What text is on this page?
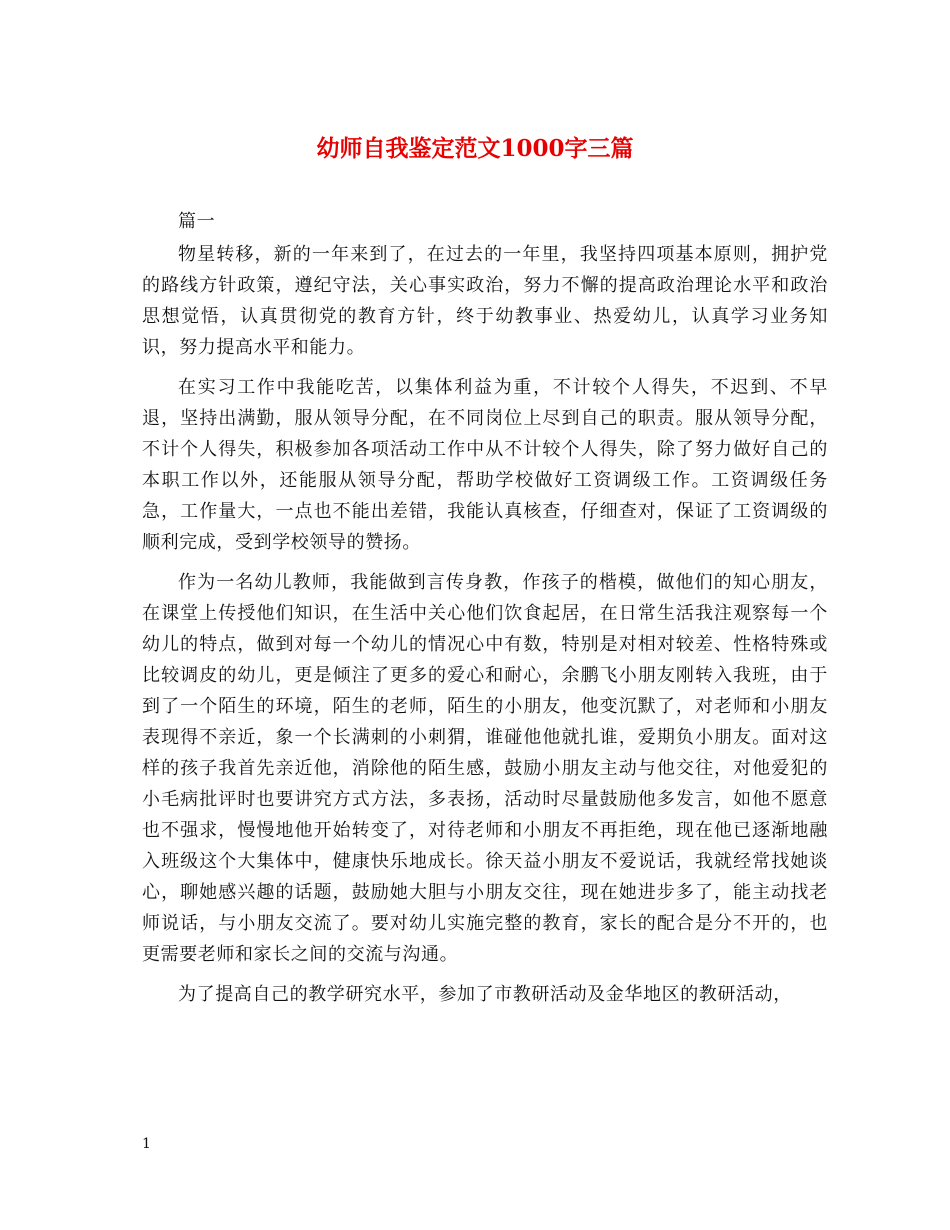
幼师自我鉴定范文1000字三篇

篇一

物星转移，新的一年来到了，在过去的一年里，我坚持四项基本原则，拥护党的路线方针政策，遵纪守法，关心事实政治，努力不懈的提高政治理论水平和政治思想觉悟，认真贯彻党的教育方针，终于幼教事业、热爱幼儿，认真学习业务知识，努力提高水平和能力。

在实习工作中我能吃苦，以集体利益为重，不计较个人得失，不迟到、不早退，坚持出满勤，服从领导分配，在不同岗位上尽到自己的职责。服从领导分配，不计个人得失，积极参加各项活动工作中从不计较个人得失，除了努力做好自己的本职工作以外，还能服从领导分配，帮助学校做好工资调级工作。工资调级任务急，工作量大，一点也不能出差错，我能认真核查，仔细查对，保证了工资调级的顺利完成，受到学校领导的赞扬。

作为一名幼儿教师，我能做到言传身教，作孩子的楷模，做他们的知心朋友，在课堂上传授他们知识，在生活中关心他们饮食起居，在日常生活我注观察每一个幼儿的特点，做到对每一个幼儿的情况心中有数，特别是对相对较差、性格特殊或比较调皮的幼儿，更是倾注了更多的爱心和耐心，余鹏飞小朋友刚转入我班，由于到了一个陌生的环境，陌生的老师，陌生的小朋友，他变沉默了，对老师和小朋友表现得不亲近，象一个长满刺的小刺猬，谁碰他他就扎谁，爱期负小朋友。面对这样的孩子我首先亲近他，消除他的陌生感，鼓励小朋友主动与他交往，对他爱犯的小毛病批评时也要讲究方式方法，多表扬，活动时尽量鼓励他多发言，如他不愿意也不强求，慢慢地他开始转变了，对待老师和小朋友不再拒绝，现在他已逐渐地融入班级这个大集体中，健康快乐地成长。徐天益小朋友不爱说话，我就经常找她谈心，聊她感兴趣的话题，鼓励她大胆与小朋友交往，现在她进步多了，能主动找老师说话，与小朋友交流了。要对幼儿实施完整的教育，家长的配合是分不开的，也更需要老师和家长之间的交流与沟通。

为了提高自己的教学研究水平，参加了市教研活动及金华地区的教研活动，

1
